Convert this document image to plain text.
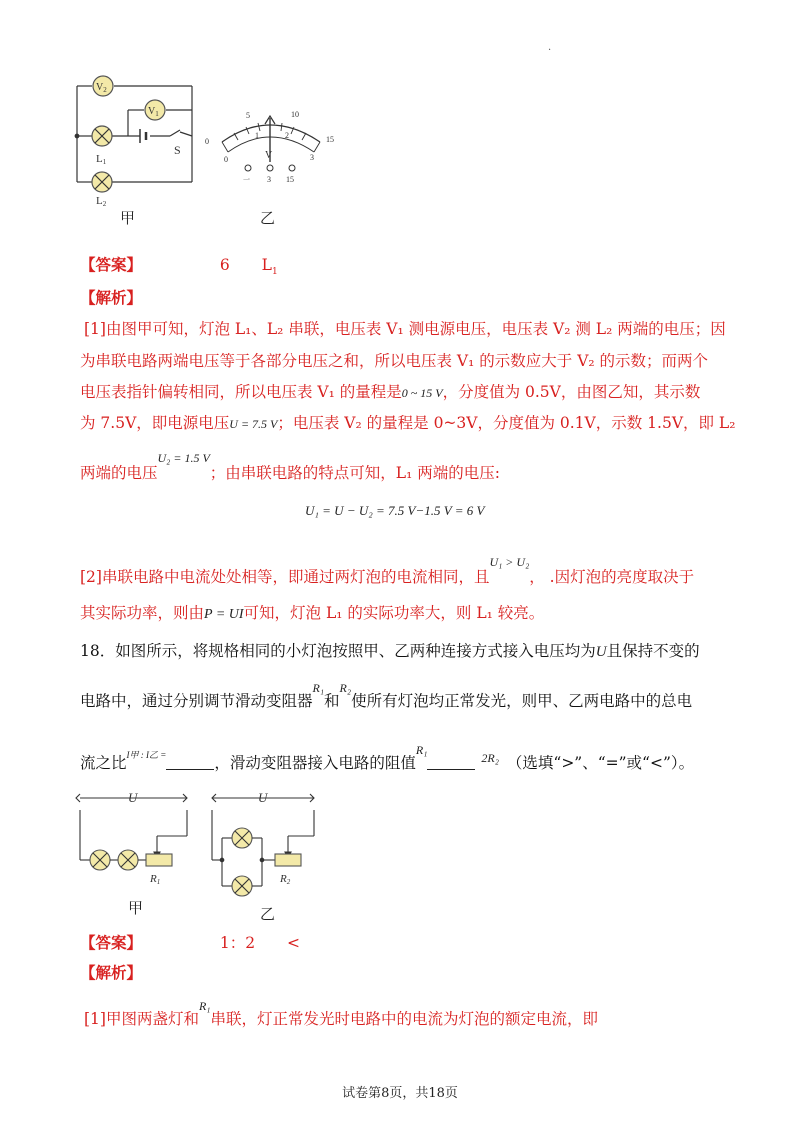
.
$V_2$
$V_1$
L1
S
L2
甲
0
5	10
15
0
1	2
3
V
一 3 15
乙
【答案】	6 $L_1$
【解析】
[1]由图甲可知，灯泡 L₁、L₂ 串联，电压表 V₁ 测电源电压，电压表 V₂ 测 L₂ 两端的电压；因
为串联电路两端电压等于各部分电压之和，所以电压表 V₁ 的示数应大于 V₂ 的示数；而两个
电压表指针偏转相同，所以电压表 V₁ 的量程是0 ~ 15 V，分度值为 0.5V，由图乙知，其示数
为 7.5V，即电源电压U = 7.5 V；电压表 V₂ 的量程是 0~3V，分度值为 0.1V，示数 1.5V，即 L₂
两端的电压$^{U_2 = 1.5 V}$；由串联电路的特点可知，L₁ 两端的电压:
U₁ = U − U₂ = 7.5 V−1.5 V = 6 V
[2]串联电路中电流处处相等，即通过两灯泡的电流相同，且$^{U_1 > U_2}$， .因灯泡的亮度取决于
其实际功率，则由P = UI可知，灯泡 L₁ 的实际功率大，则 L₁ 较亮。
18．如图所示，将规格相同的小灯泡按照甲、乙两种连接方式接入电压均为U且保持不变的
电路中，通过分别调节滑动变阻器$^{R_1}$和$^{R_2}$使所有灯泡均正常发光，则甲、乙两电路中的总电
流之比$^{I甲 : I乙 =}$	，滑动变阻器接入电路的阻值$^{R_12R_2}$ （选填“>”、“=”或“<”）。
U	U
R1	R2
甲	乙
【答案】	1：2 <
【解析】
[1]甲图两盏灯和$^{R_1}$串联，灯正常发光时电路中的电流为灯泡的额定电流，即
试卷第8页，共18页
